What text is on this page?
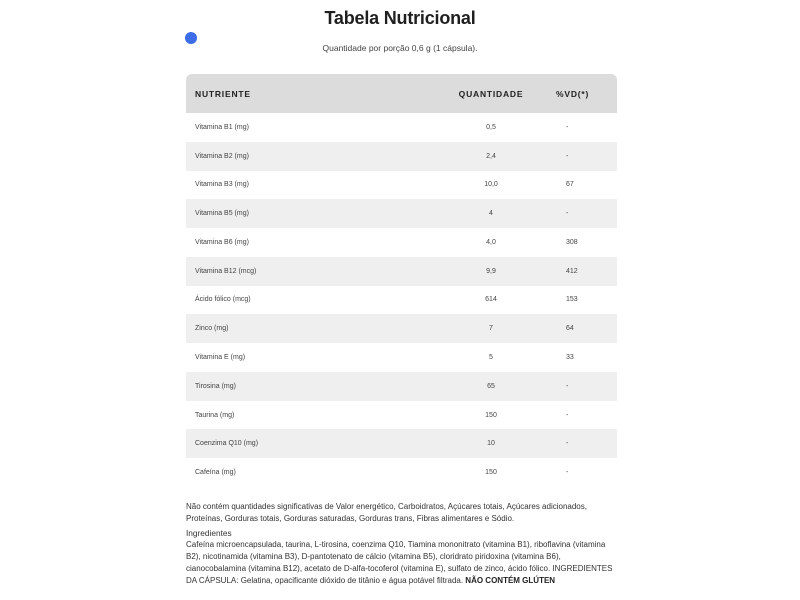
Tabela Nutricional
Quantidade por porção 0,6 g (1 cápsula).
NUTRIENTE	QUANTIDADE	%VD(*)
Vitamina B1 (mg)	0,5	-
Vitamina B2 (mg)	2,4	-
Vitamina B3 (mg)	10,0	67
Vitamina B5 (mg)	4	-
Vitamina B6 (mg)	4,0	308
Vitamina B12 (mcg)	9,9	412
Ácido fólico (mcg)	614	153
Zinco (mg)	7	64
Vitamina E (mg)	5	33
Tirosina (mg)	65	-
Taurina (mg)	150	-
Coenzima Q10 (mg)	10	-
Cafeína (mg)	150	-

Não contém quantidades significativas de Valor energético, Carboidratos, Açúcares totais, Açúcares adicionados, Proteínas, Gorduras totais, Gorduras saturadas, Gorduras trans, Fibras alimentares e Sódio.

Ingredientes

Cafeína microencapsulada, taurina, L-tirosina, coenzima Q10, Tiamina mononitrato (vitamina B1), riboflavina (vitamina B2), nicotinamida (vitamina B3), D-pantotenato de cálcio (vitamina B5), cloridrato piridoxina (vitamina B6), cianocobalamina (vitamina B12), acetato de D-alfa-tocoferol (vitamina E), sulfato de zinco, ácido fólico. INGREDIENTES DA CÁPSULA: Gelatina, opacificante dióxido de titânio e água potável filtrada. NÃO CONTÉM GLÚTEN
